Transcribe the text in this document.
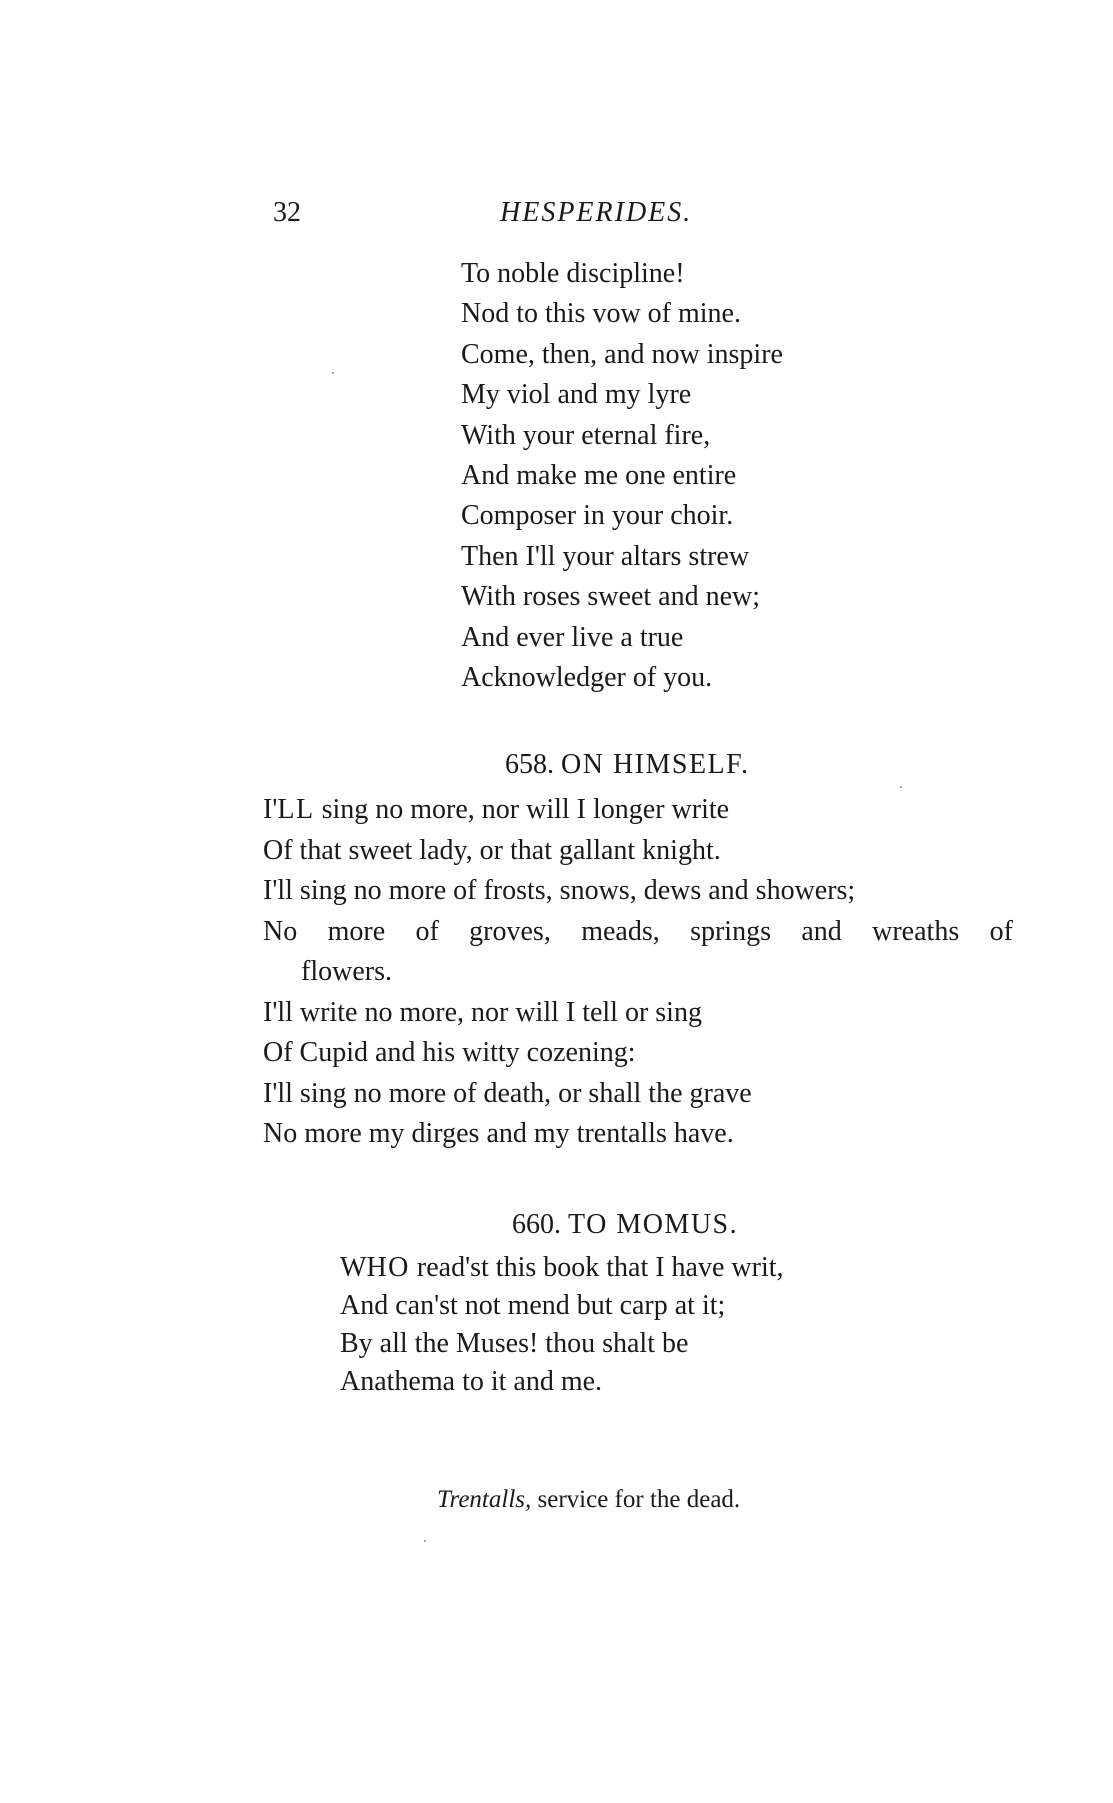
32	HESPERIDES.
To noble discipline!
Nod to this vow of mine.
Come, then, and now inspire
My viol and my lyre
With your eternal fire,
And make me one entire
Composer in your choir.
Then I'll your altars strew
With roses sweet and new;
And ever live a true
Acknowledger of you.
658. ON HIMSELF.
I'LL sing no more, nor will I longer write
Of that sweet lady, or that gallant knight.
I'll sing no more of frosts, snows, dews and showers;
No more of groves, meads, springs and wreaths of
flowers.
I'll write no more, nor will I tell or sing
Of Cupid and his witty cozening:
I'll sing no more of death, or shall the grave
No more my dirges and my trentalls have.
660. TO MOMUS.
WHO read'st this book that I have writ,
And can'st not mend but carp at it;
By all the Muses! thou shalt be
Anathema to it and me.
Trentalls, service for the dead.
